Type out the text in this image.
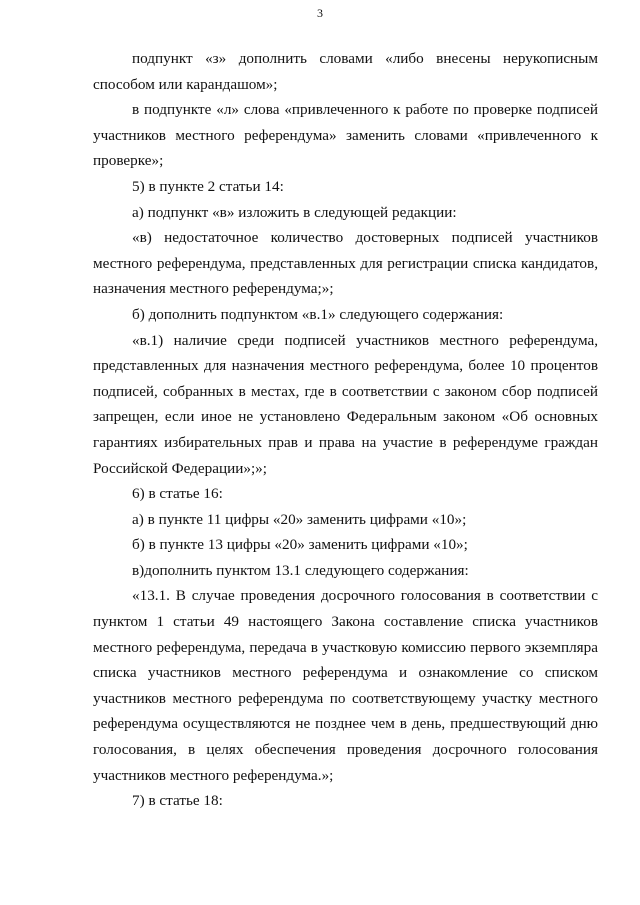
3

подпункт «з» дополнить словами «либо внесены нерукописным способом или карандашом»;

в подпункте «л» слова «привлеченного к работе по проверке подписей участников местного референдума» заменить словами «привлеченного к проверке»;

5) в пункте 2 статьи 14:

а) подпункт «в» изложить в следующей редакции:

«в) недостаточное количество достоверных подписей участников местного референдума, представленных для регистрации списка кандидатов, назначения местного референдума;»;

б) дополнить подпунктом «в.1» следующего содержания:

«в.1) наличие среди подписей участников местного референдума, представленных для назначения местного референдума, более 10 процентов подписей, собранных в местах, где в соответствии с законом сбор подписей запрещен, если иное не установлено Федеральным законом «Об основных гарантиях избирательных прав и права на участие в референдуме граждан Российской Федерации»;»;

6) в статье 16:

а) в пункте 11 цифры «20» заменить цифрами «10»;

б) в пункте 13 цифры «20» заменить цифрами «10»;

в)дополнить пунктом 13.1 следующего содержания:

«13.1. В случае проведения досрочного голосования в соответствии с пунктом 1 статьи 49 настоящего Закона составление списка участников местного референдума, передача в участковую комиссию первого экземпляра списка участников местного референдума и ознакомление со списком участников местного референдума по соответствующему участку местного референдума осуществляются не позднее чем в день, предшествующий дню голосования, в целях обеспечения проведения досрочного голосования участников местного референдума.»;

7) в статье 18:
